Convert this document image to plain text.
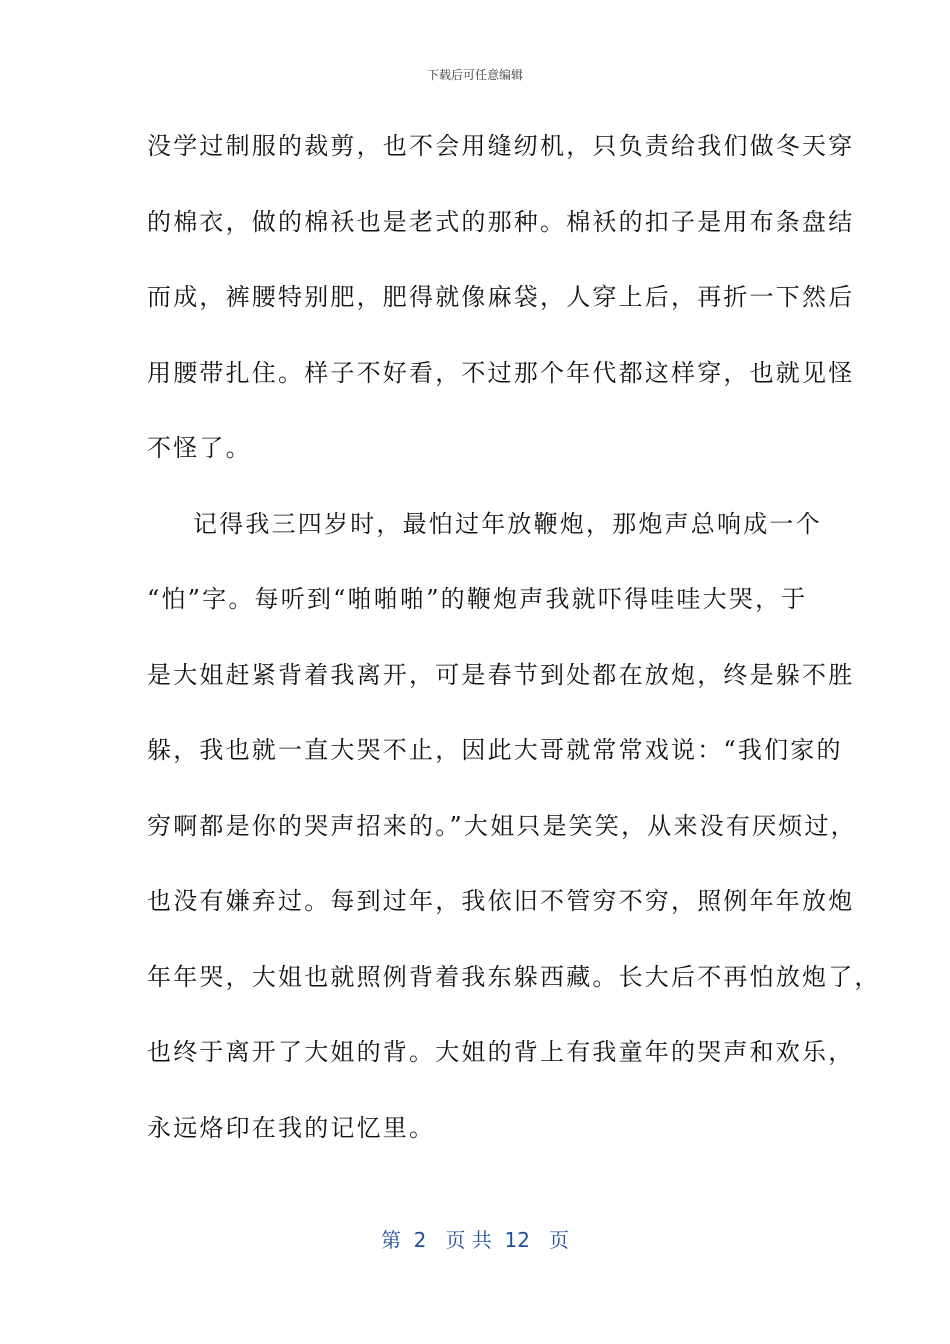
下载后可任意编辑
没学过制服的裁剪，也不会用缝纫机，只负责给我们做冬天穿
的棉衣，做的棉袄也是老式的那种。棉袄的扣子是用布条盘结
而成，裤腰特别肥，肥得就像麻袋，人穿上后，再折一下然后
用腰带扎住。样子不好看，不过那个年代都这样穿，也就见怪
不怪了。
记得我三四岁时，最怕过年放鞭炮，那炮声总响成一个
“怕”字。每听到“啪啪啪”的鞭炮声我就吓得哇哇大哭，于
是大姐赶紧背着我离开，可是春节到处都在放炮，终是躲不胜
躲，我也就一直大哭不止，因此大哥就常常戏说：“我们家的
穷啊都是你的哭声招来的。”大姐只是笑笑，从来没有厌烦过，
也没有嫌弃过。每到过年，我依旧不管穷不穷，照例年年放炮
年年哭，大姐也就照例背着我东躲西藏。长大后不再怕放炮了，
也终于离开了大姐的背。大姐的背上有我童年的哭声和欢乐，
永远烙印在我的记忆里。
第  2   页 共  12   页
